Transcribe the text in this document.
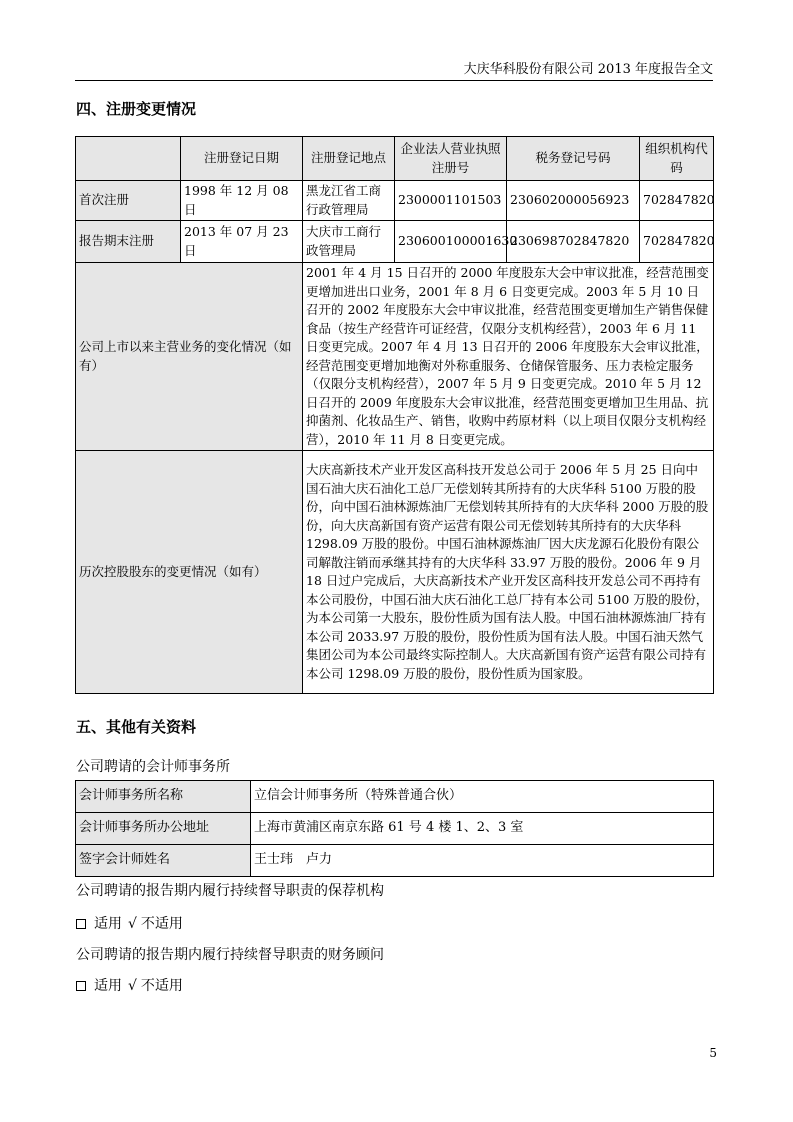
大庆华科股份有限公司 2013 年度报告全文
四、注册变更情况
	注册登记日期	注册登记地点	企业法人营业执照注册号	税务登记号码	组织机构代码
首次注册	1998 年 12 月 08 日	黑龙江省工商行政管理局	2300001101503	230602000056923	702847820
报告期末注册	2013 年 07 月 23 日	大庆市工商行政管理局	230600100001630	230698702847820	702847820
公司上市以来主营业务的变化情况（如有）		2001 年 4 月 15 日召开的 2000 年度股东大会中审议批准，经营范围变更增加进出口业务，2001 年 8 月 6 日变更完成。2003 年 5 月 10 日召开的 2002 年度股东大会中审议批准，经营范围变更增加生产销售保健食品（按生产经营许可证经营，仅限分支机构经营），2003 年 6 月 11 日变更完成。2007 年 4 月 13 日召开的 2006 年度股东大会审议批准，经营范围变更增加地衡对外称重服务、仓储保管服务、压力表检定服务（仅限分支机构经营），2007 年 5 月 9 日变更完成。2010 年 5 月 12 日召开的 2009 年度股东大会审议批准，经营范围变更增加卫生用品、抗抑菌剂、化妆品生产、销售，收购中药原材料（以上项目仅限分支机构经营），2010 年 11 月 8 日变更完成。			
历次控股股东的变更情况（如有）		大庆高新技术产业开发区高科技开发总公司于 2006 年 5 月 25 日向中国石油大庆石油化工总厂无偿划转其所持有的大庆华科 5100 万股的股份，向中国石油林源炼油厂无偿划转其所持有的大庆华科 2000 万股的股份，向大庆高新国有资产运营有限公司无偿划转其所持有的大庆华科 1298.09 万股的股份。中国石油林源炼油厂因大庆龙源石化股份有限公司解散注销而承继其持有的大庆华科 33.97 万股的股份。2006 年 9 月 18 日过户完成后，大庆高新技术产业开发区高科技开发总公司不再持有本公司股份，中国石油大庆石油化工总厂持有本公司 5100 万股的股份，为本公司第一大股东，股份性质为国有法人股。中国石油林源炼油厂持有本公司 2033.97 万股的股份，股份性质为国有法人股。中国石油天然气集团公司为本公司最终实际控制人。大庆高新国有资产运营有限公司持有本公司 1298.09 万股的股份，股份性质为国家股。			
五、其他有关资料
公司聘请的会计师事务所
会计师事务所名称	立信会计师事务所（特殊普通合伙）
会计师事务所办公地址	上海市黄浦区南京东路 61 号 4 楼 1、2、3 室
签字会计师姓名	王士玮　卢力
公司聘请的报告期内履行持续督导职责的保荐机构
适用 √ 不适用
公司聘请的报告期内履行持续督导职责的财务顾问
适用 √ 不适用
5
